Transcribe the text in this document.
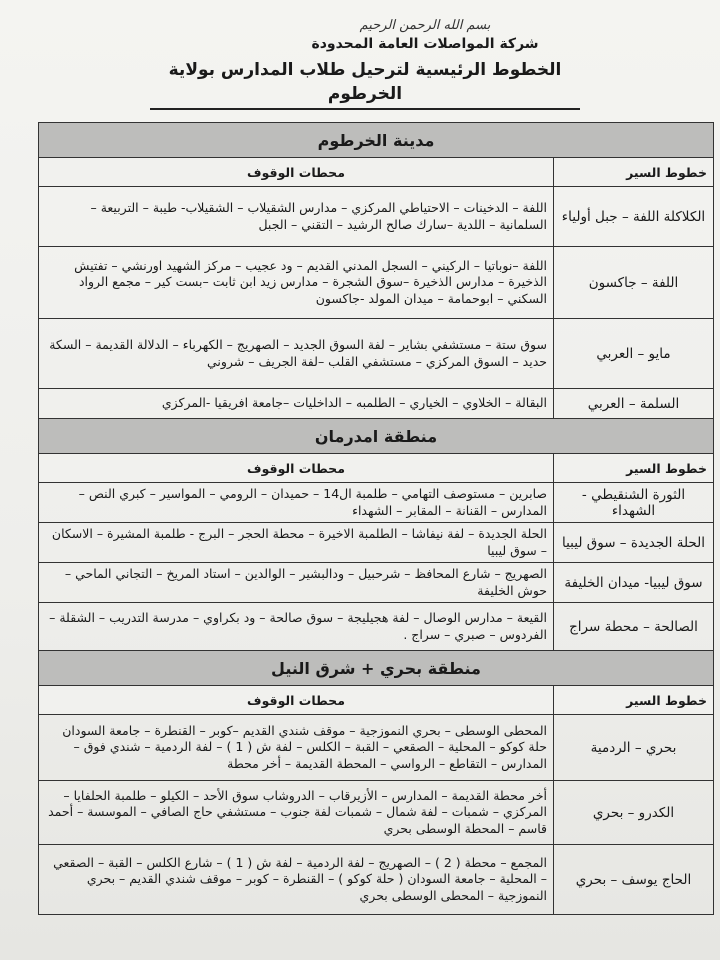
بسم الله الرحمن الرحيم
شركة المواصلات العامة المحدودة
الخطوط الرئيسية لترحيل طلاب المدارس بولاية الخرطوم
مدينة الخرطوم	
خطوط السير	محطات الوقوف
الكلاكلة اللفة – جبل أولياء	اللفة – الدخينات – الاحتياطي المركزي – مدارس الشقيلاب – الشقيلاب- طيبة – التربيعة – السلمانية – اللدية –سارك صالح الرشيد – التقني – الجبل
اللفة – جاكسون	اللفة –نوباتيا – الركيني – السجل المدني القديم – ود عجيب – مركز الشهيد اورنشي – تفتيش الذخيرة – مدارس الذخيرة –سوق الشجرة – مدارس زيد ابن ثابت –بست كير – مجمع الرواد السكني – ابوحمامة – ميدان المولد -جاكسون
مايو – العربي	سوق ستة – مستشفي بشاير – لفة السوق الجديد – الصهريج – الكهرباء – الدلالة القديمة – السكة حديد – السوق المركزي – مستشفي القلب –لفة الجريف – شروني
السلمة – العربي	البقالة – الخلاوي – الخياري – الطلمبه – الداخليات –جامعة افريقيا -المركزي
منطقة امدرمان	
خطوط السير	محطات الوقوف
الثورة الشنقيطي - الشهداء	صابرين – مستوصف التهامي – طلمبة ال14 – حميدان – الرومي – المواسير – كبري النص – المدارس – القنانة – المقابر – الشهداء
الحلة الجديدة – سوق ليبيا	الحلة الجديدة – لفة نيفاشا – الطلمبة الاخيرة – محطة الحجر – البرج - طلمبة المشيرة – الاسكان – سوق ليبيا
سوق ليبيا- ميدان الخليفة	الصهريج – شارع المحافظ – شرحبيل – ودالبشير – الوالدين – استاد المريخ – التجاني الماحي – حوش الخليفة
الصالحة – محطة سراج	القيعة – مدارس الوصال – لفة هجيليجة – سوق صالحة – ود بكراوي – مدرسة التدريب – الشقلة – الفردوس – صبري – سراج .
منطقة بحري + شرق النيل	
خطوط السير	محطات الوقوف
بحري – الردمية	المحطى الوسطى – بحري النموزجية – موقف شندي القديم –كوبر – القنطرة – جامعة السودان حلة كوكو – المحلية – الصقعي – القبة – الكلس – لفة ش ( 1 ) – لفة الردمية – شندي فوق – المدارس – التقاطع – الرواسي – المحطة القديمة – أخر محطة
الكدرو – بحري	أخر محطة القديمة – المدارس – الأزيرقاب – الدروشاب سوق الأحد – الكيلو – طلمبة الحلفايا – المركزي – شمبات – لفة شمال – شمبات لفة جنوب – مستشفي حاج الصافي – الموسسة – أحمد قاسم – المحطة الوسطى بحري
الحاج يوسف – بحري	المجمع – محطة ( 2 ) – الصهريج – لفة الردمية – لفة ش ( 1 ) – شارع الكلس – القبة – الصقعي – المحلية – جامعة السودان ( حلة كوكو ) – القنطرة – كوبر – موقف شندي القديم – بحري النموزجية – المحطى الوسطى بحري
